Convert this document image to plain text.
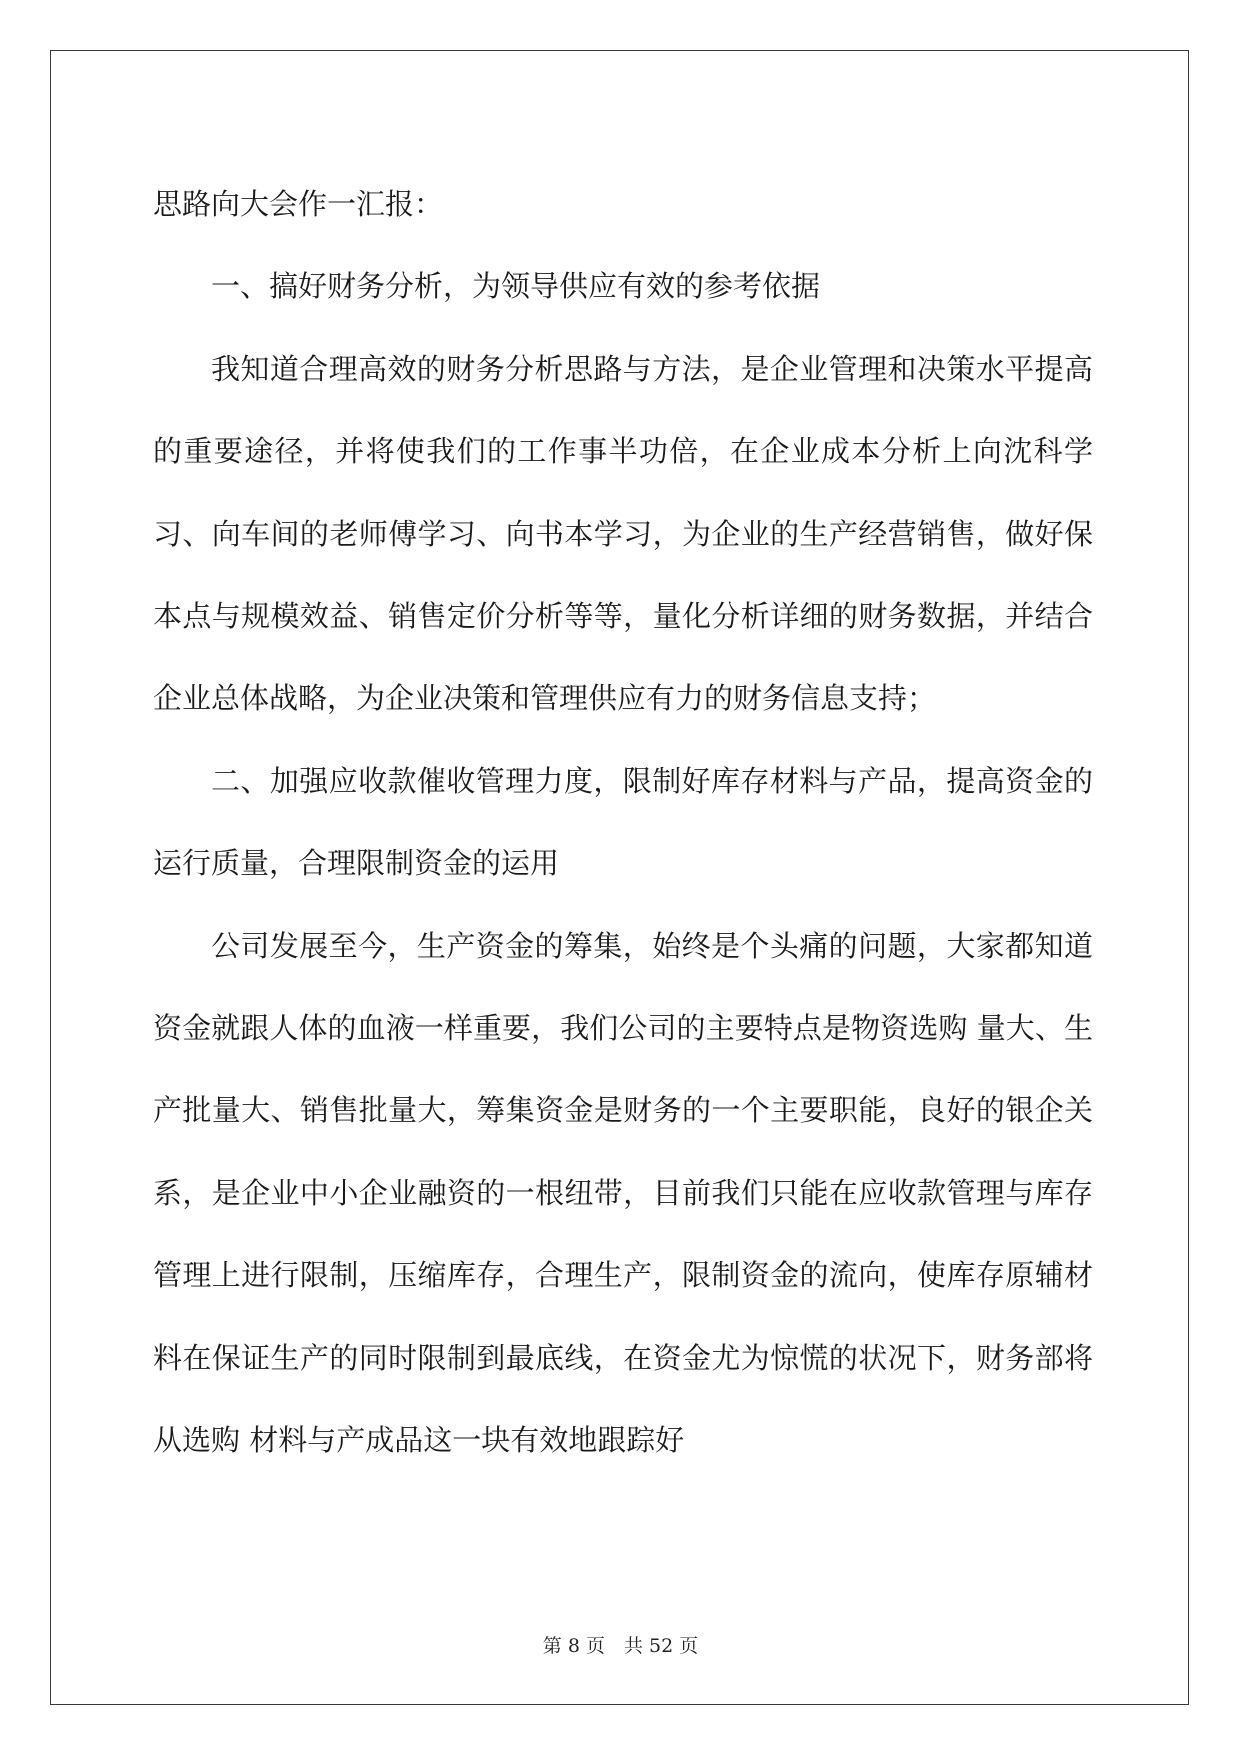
思路向大会作一汇报：

一、搞好财务分析，为领导供应有效的参考依据

我知道合理高效的财务分析思路与方法，是企业管理和决策水平提高的重要途径，并将使我们的工作事半功倍，在企业成本分析上向沈科学习、向车间的老师傅学习、向书本学习，为企业的生产经营销售，做好保本点与规模效益、销售定价分析等等，量化分析详细的财务数据，并结合企业总体战略，为企业决策和管理供应有力的财务信息支持；

二、加强应收款催收管理力度，限制好库存材料与产品，提高资金的运行质量，合理限制资金的运用

公司发展至今，生产资金的筹集，始终是个头痛的问题，大家都知道资金就跟人体的血液一样重要，我们公司的主要特点是物资选购 量大、生产批量大、销售批量大，筹集资金是财务的一个主要职能，良好的银企关系，是企业中小企业融资的一根纽带，目前我们只能在应收款管理与库存管理上进行限制，压缩库存，合理生产，限制资金的流向，使库存原辅材料在保证生产的同时限制到最底线，在资金尤为惊慌的状况下，财务部将从选购 材料与产成品这一块有效地跟踪好

第 8 页　共 52 页
